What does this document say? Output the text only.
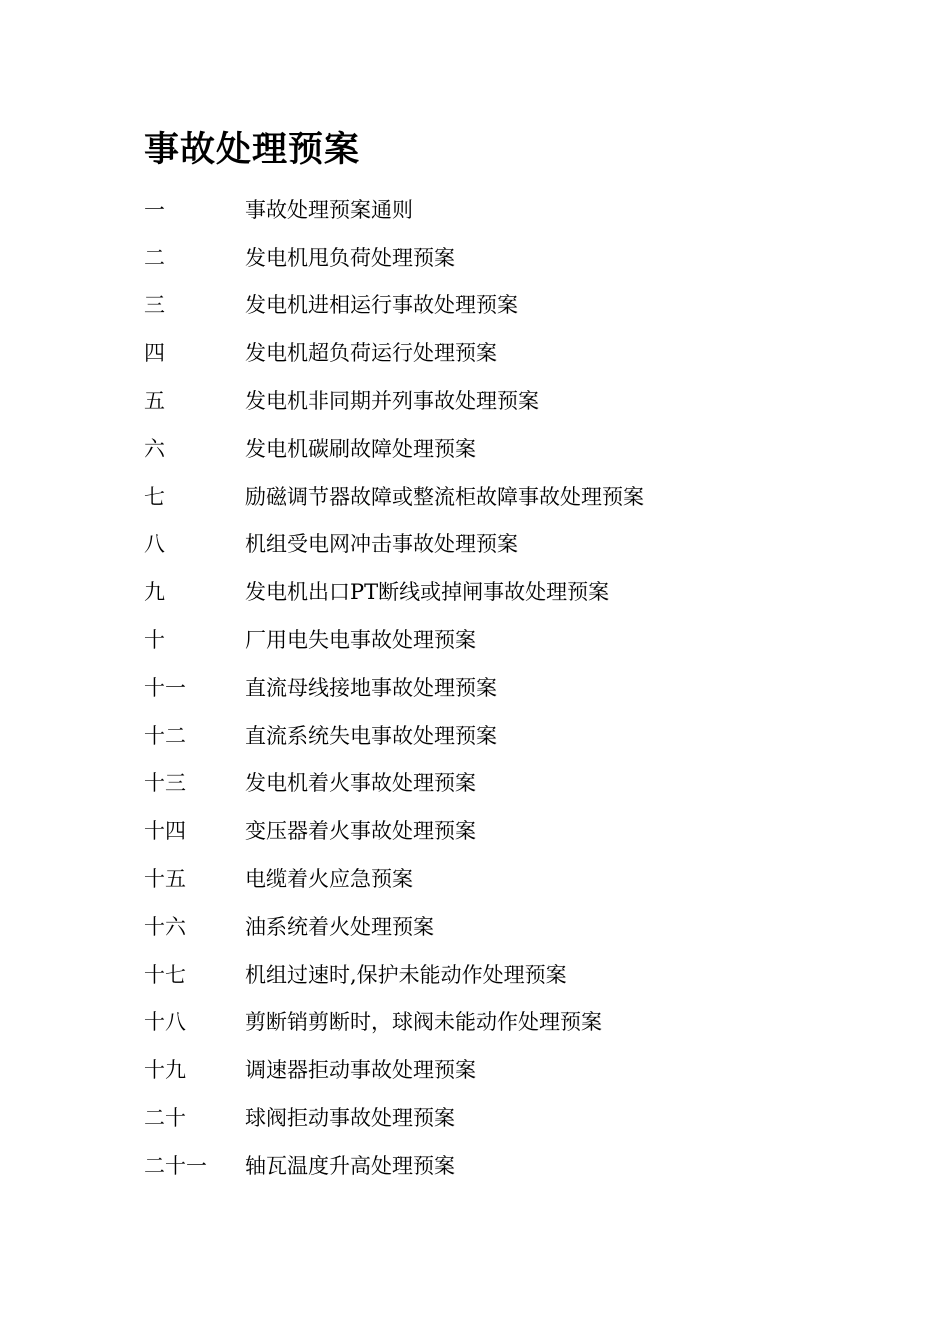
事故处理预案
一	事故处理预案通则
二	发电机甩负荷处理预案
三	发电机进相运行事故处理预案
四	发电机超负荷运行处理预案
五	发电机非同期并列事故处理预案
六	发电机碳刷故障处理预案
七	励磁调节器故障或整流柜故障事故处理预案
八	机组受电网冲击事故处理预案
九	发电机出口PT断线或掉闸事故处理预案
十	厂用电失电事故处理预案
十一	直流母线接地事故处理预案
十二	直流系统失电事故处理预案
十三	发电机着火事故处理预案
十四	变压器着火事故处理预案
十五	电缆着火应急预案
十六	油系统着火处理预案
十七	机组过速时,保护未能动作处理预案
十八	剪断销剪断时，球阀未能动作处理预案
十九	调速器拒动事故处理预案
二十	球阀拒动事故处理预案
二十一	轴瓦温度升高处理预案
